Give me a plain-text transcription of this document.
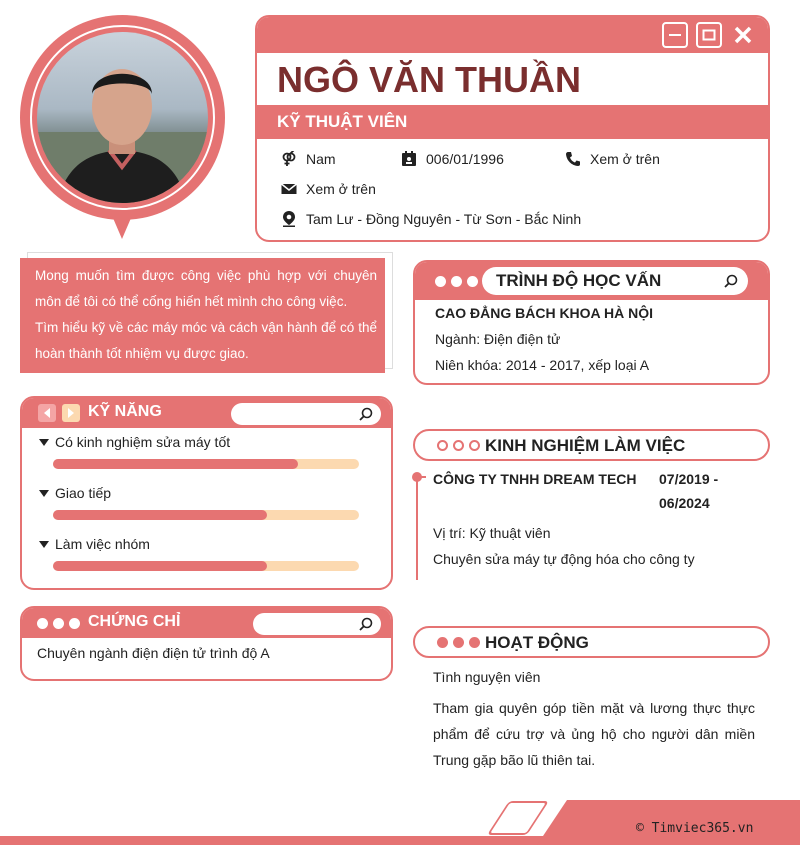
NGÔ VĂN THUẦN
KỸ THUẬT VIÊN
Nam	006/01/1996	Xem ở trên
Xem ở trên
Tam Lư - Đồng Nguyên - Từ Sơn - Bắc Ninh

Mong muốn tìm được công việc phù hợp với chuyên môn để tôi có thể cống hiến hết mình cho công việc.

Tìm hiểu kỹ về các máy móc và cách vận hành để có thể hoàn thành tốt nhiệm vụ được giao.

KỸ NĂNG
Có kinh nghiệm sửa máy tốt
Giao tiếp
Làm việc nhóm
CHỨNG CHỈ
Chuyên ngành điện điện tử trình độ A
TRÌNH ĐỘ HỌC VẤN
CAO ĐẲNG BÁCH KHOA HÀ NỘI
Ngành: Điện điện tử
Niên khóa: 2014 - 2017, xếp loại A
KINH NGHIỆM LÀM VIỆC
CÔNG TY TNHH DREAM TECH 07/2019 -
06/2024
Vị trí: Kỹ thuật viên
Chuyên sửa máy tự động hóa cho công ty
HOẠT ĐỘNG
Tình nguyện viên
Tham gia quyên góp tiền mặt và lương thực thực phẩm để cứu trợ và ủng hộ cho người dân miền Trung gặp bão lũ thiên tai.
© Timviec365.vn
